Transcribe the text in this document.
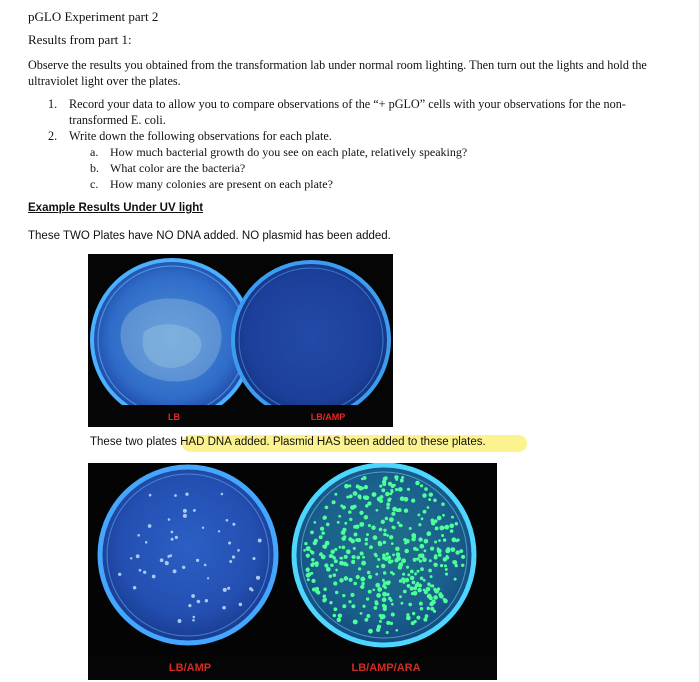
pGLO Experiment part 2
Results from part 1:
Observe the results you obtained from the transformation lab under normal room lighting. Then turn out the lights and hold the ultraviolet light over the plates.
1. Record your data to allow you to compare observations of the “+ pGLO” cells with your observations for the non-
transformed E. coli.
2. Write down the following observations for each plate.
a. How much bacterial growth do you see on each plate, relatively speaking?
b. What color are the bacteria?
c. How many colonies are present on each plate?
Example Results Under UV light
These TWO Plates have NO DNA added. NO plasmid has been added.
LB	LB/AMP
These two plates HAD DNA added. Plasmid HAS been added to these plates.
LB/AMP	LB/AMP/ARA
